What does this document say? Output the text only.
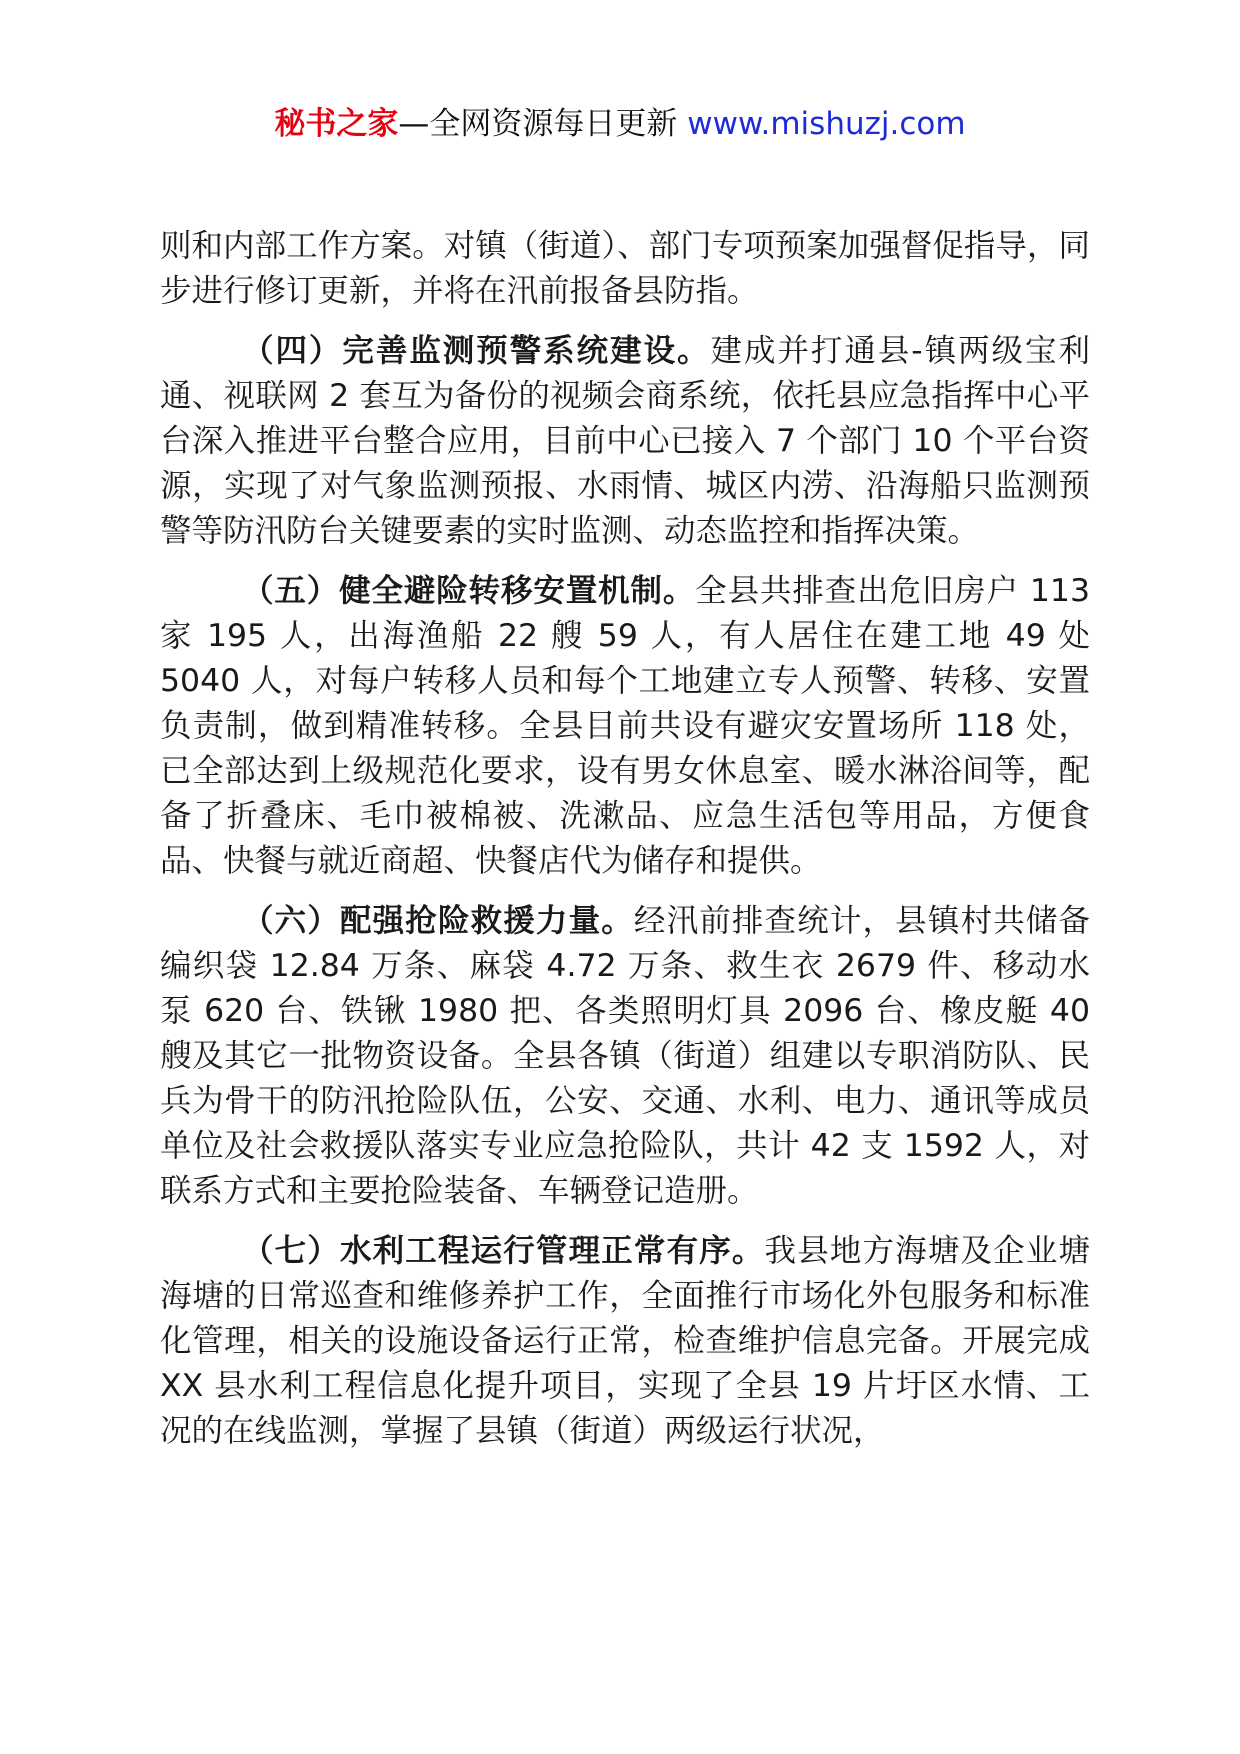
秘书之家—全网资源每日更新 www.mishuzj.com

则和内部工作方案。对镇（街道）、部门专项预案加强督促指导，同步进行修订更新，并将在汛前报备县防指。

（四）完善监测预警系统建设。建成并打通县-镇两级宝利通、视联网 2 套互为备份的视频会商系统，依托县应急指挥中心平台深入推进平台整合应用，目前中心已接入 7 个部门 10 个平台资源，实现了对气象监测预报、水雨情、城区内涝、沿海船只监测预警等防汛防台关键要素的实时监测、动态监控和指挥决策。

（五）健全避险转移安置机制。全县共排查出危旧房户 113 家 195 人，出海渔船 22 艘 59 人，有人居住在建工地 49 处 5040 人，对每户转移人员和每个工地建立专人预警、转移、安置负责制，做到精准转移。全县目前共设有避灾安置场所 118 处，已全部达到上级规范化要求，设有男女休息室、暖水淋浴间等，配备了折叠床、毛巾被棉被、洗漱品、应急生活包等用品，方便食品、快餐与就近商超、快餐店代为储存和提供。

（六）配强抢险救援力量。经汛前排查统计，县镇村共储备编织袋 12.84 万条、麻袋 4.72 万条、救生衣 2679 件、移动水泵 620 台、铁锹 1980 把、各类照明灯具 2096 台、橡皮艇 40 艘及其它一批物资设备。全县各镇（街道）组建以专职消防队、民兵为骨干的防汛抢险队伍，公安、交通、水利、电力、通讯等成员单位及社会救援队落实专业应急抢险队，共计 42 支 1592 人，对联系方式和主要抢险装备、车辆登记造册。

（七）水利工程运行管理正常有序。我县地方海塘及企业塘海塘的日常巡查和维修养护工作，全面推行市场化外包服务和标准化管理，相关的设施设备运行正常，检查维护信息完备。开展完成 XX 县水利工程信息化提升项目，实现了全县 19 片圩区水情、工况的在线监测，掌握了县镇（街道）两级运行状况，
